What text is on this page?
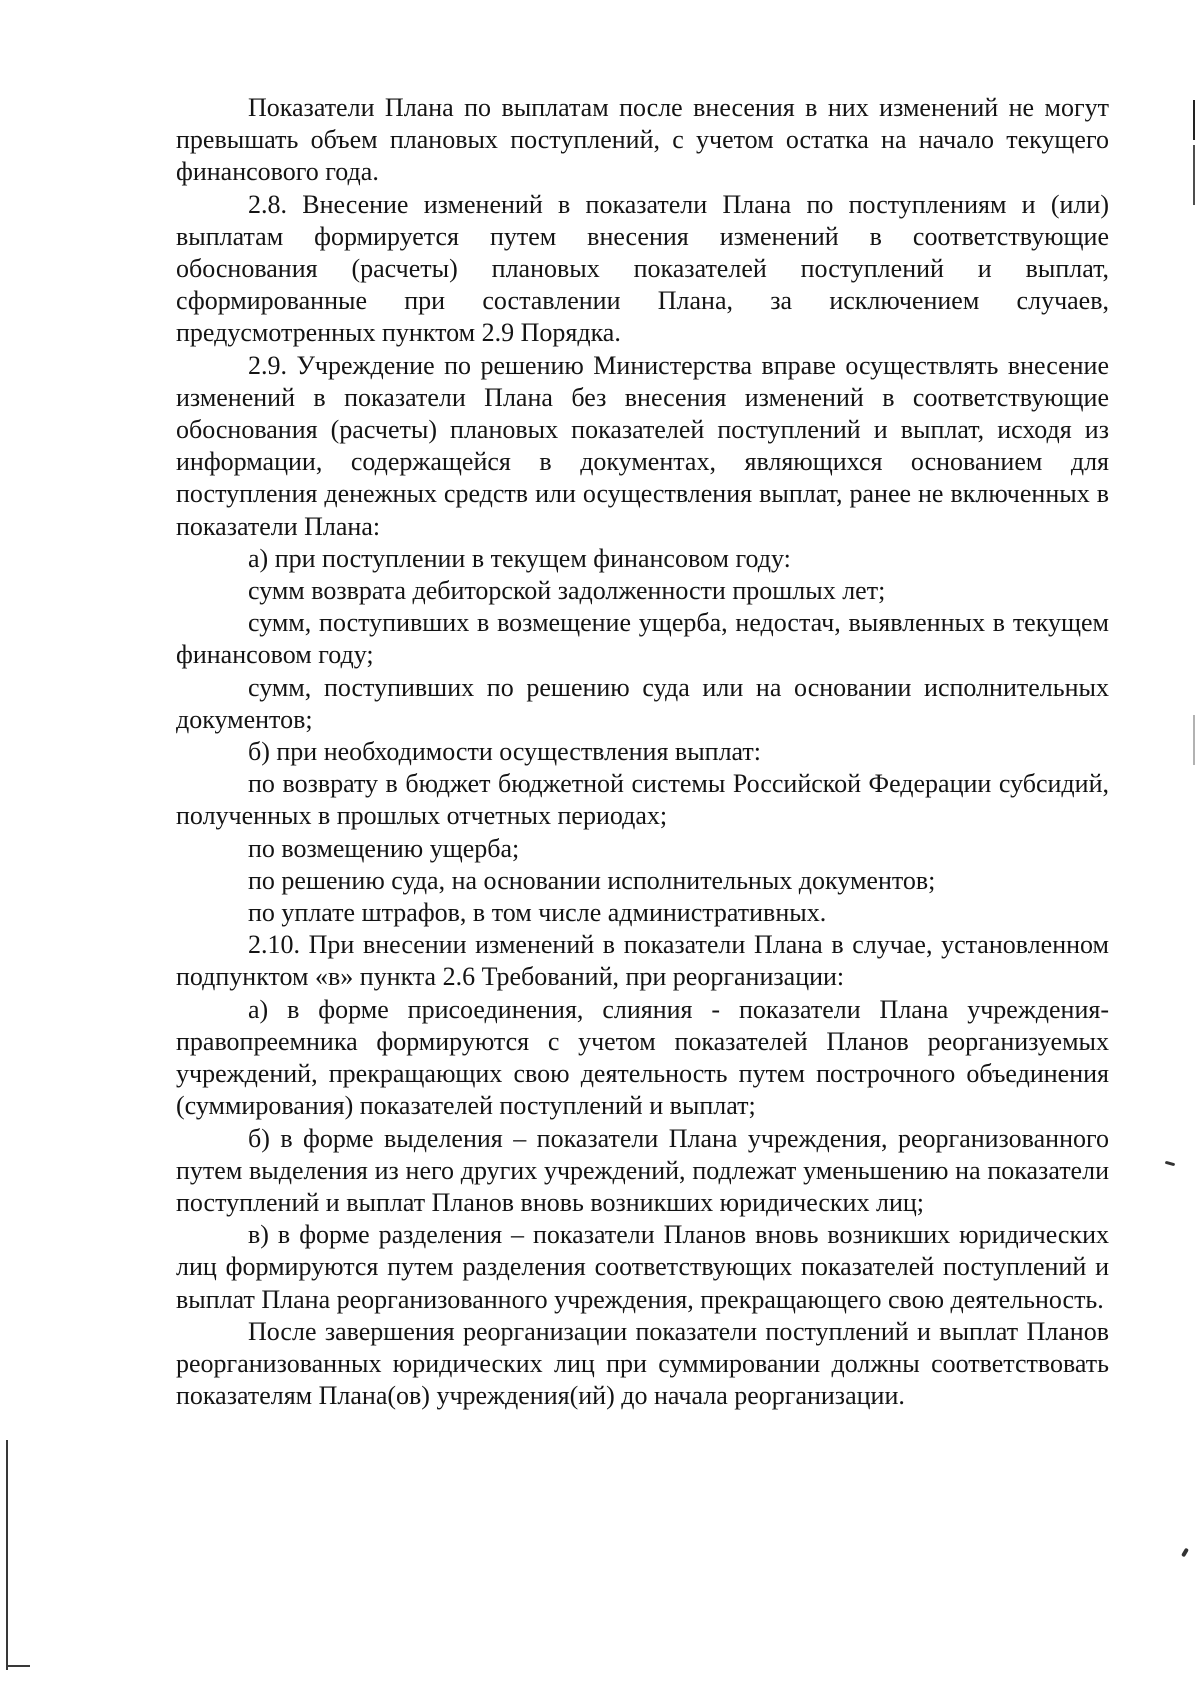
Показатели Плана по выплатам после внесения в них изменений не могут превышать объем плановых поступлений, с учетом остатка на начало текущего финансового года.

2.8. Внесение изменений в показатели Плана по поступлениям и (или) выплатам формируется путем внесения изменений в соответствующие обоснования (расчеты) плановых показателей поступлений и выплат, сформированные при составлении Плана, за исключением случаев, предусмотренных пунктом 2.9 Порядка.

2.9. Учреждение по решению Министерства вправе осуществлять внесение изменений в показатели Плана без внесения изменений в соответствующие обоснования (расчеты) плановых показателей поступлений и выплат, исходя из информации, содержащейся в документах, являющихся основанием для поступления денежных средств или осуществления выплат, ранее не включенных в показатели Плана:

а) при поступлении в текущем финансовом году:

сумм возврата дебиторской задолженности прошлых лет;

сумм, поступивших в возмещение ущерба, недостач, выявленных в текущем финансовом году;

сумм, поступивших по решению суда или на основании исполнительных документов;

б) при необходимости осуществления выплат:

по возврату в бюджет бюджетной системы Российской Федерации субсидий, полученных в прошлых отчетных периодах;

по возмещению ущерба;

по решению суда, на основании исполнительных документов;

по уплате штрафов, в том числе административных.

2.10. При внесении изменений в показатели Плана в случае, установленном подпунктом «в» пункта 2.6 Требований, при реорганизации:

а) в форме присоединения, слияния - показатели Плана учреждения-правопреемника формируются с учетом показателей Планов реорганизуемых учреждений, прекращающих свою деятельность путем построчного объединения (суммирования) показателей поступлений и выплат;

б) в форме выделения – показатели Плана учреждения, реорганизованного путем выделения из него других учреждений, подлежат уменьшению на показатели поступлений и выплат Планов вновь возникших юридических лиц;

в) в форме разделения – показатели Планов вновь возникших юридических лиц формируются путем разделения соответствующих показателей поступлений и выплат Плана реорганизованного учреждения, прекращающего свою деятельность.

После завершения реорганизации показатели поступлений и выплат Планов реорганизованных юридических лиц при суммировании должны соответствовать показателям Плана(ов) учреждения(ий) до начала реорганизации.
